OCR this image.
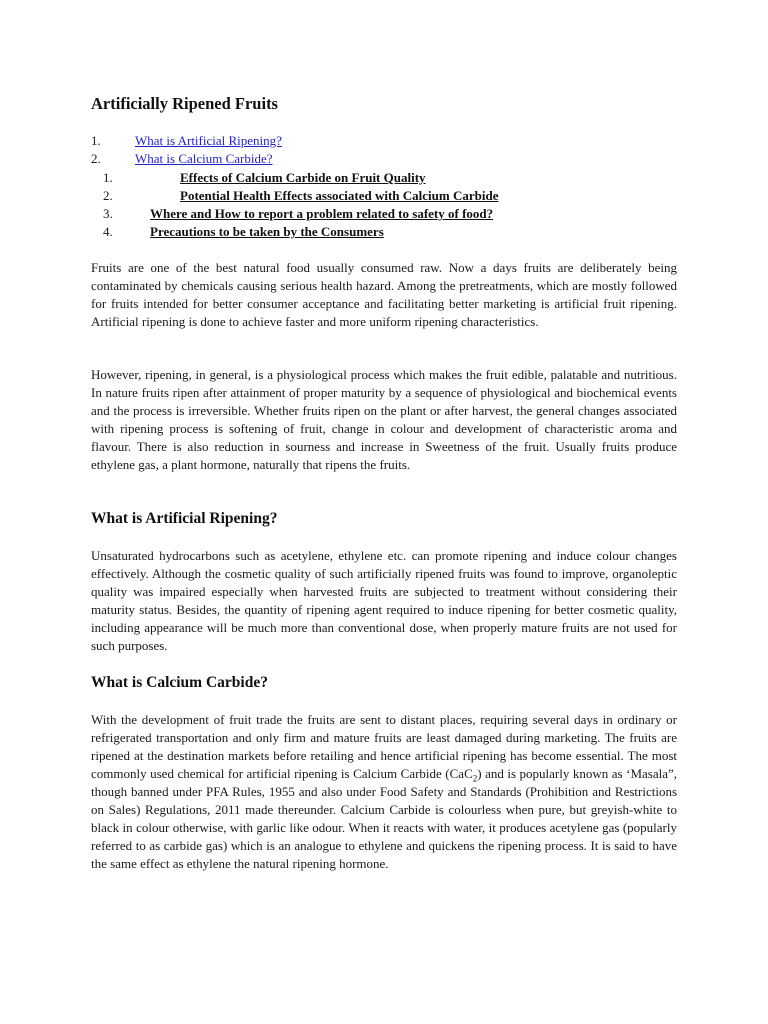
Artificially Ripened Fruits
1.	What is Artificial Ripening?
2.	What is Calcium Carbide?
1.	Effects of Calcium Carbide on Fruit Quality
2.	Potential Health Effects associated with Calcium Carbide
3.	Where and How to report a problem related to safety of food?
4.	Precautions to be taken by the Consumers

Fruits are one of the best natural food usually consumed raw. Now a days fruits are deliberately being contaminated by chemicals causing serious health hazard. Among the pretreatments, which are mostly followed for fruits intended for better consumer acceptance and facilitating better marketing is artificial fruit ripening. Artificial ripening is done to achieve faster and more uniform ripening characteristics.

However, ripening, in general, is a physiological process which makes the fruit edible, palatable and nutritious. In nature fruits ripen after attainment of proper maturity by a sequence of physiological and biochemical events and the process is irreversible. Whether fruits ripen on the plant or after harvest, the general changes associated with ripening process is softening of fruit, change in colour and development of characteristic aroma and flavour. There is also reduction in sourness and increase in Sweetness of the fruit. Usually fruits produce ethylene gas, a plant hormone, naturally that ripens the fruits.

What is Artificial Ripening?

Unsaturated hydrocarbons such as acetylene, ethylene etc. can promote ripening and induce colour changes effectively. Although the cosmetic quality of such artificially ripened fruits was found to improve, organoleptic quality was impaired especially when harvested fruits are subjected to treatment without considering their maturity status. Besides, the quantity of ripening agent required to induce ripening for better cosmetic quality, including appearance will be much more than conventional dose, when properly mature fruits are not used for such purposes.

What is Calcium Carbide?

With the development of fruit trade the fruits are sent to distant places, requiring several days in ordinary or refrigerated transportation and only firm and mature fruits are least damaged during marketing. The fruits are ripened at the destination markets before retailing and hence artificial ripening has become essential. The most commonly used chemical for artificial ripening is Calcium Carbide (CaC$_2$) and is popularly known as ‘Masala”, though banned under PFA Rules, 1955 and also under Food Safety and Standards (Prohibition and Restrictions on Sales) Regulations, 2011 made thereunder. Calcium Carbide is colourless when pure, but greyish-white to black in colour otherwise, with garlic like odour. When it reacts with water, it produces acetylene gas (popularly referred to as carbide gas) which is an analogue to ethylene and quickens the ripening process. It is said to have the same effect as ethylene the natural ripening hormone.
